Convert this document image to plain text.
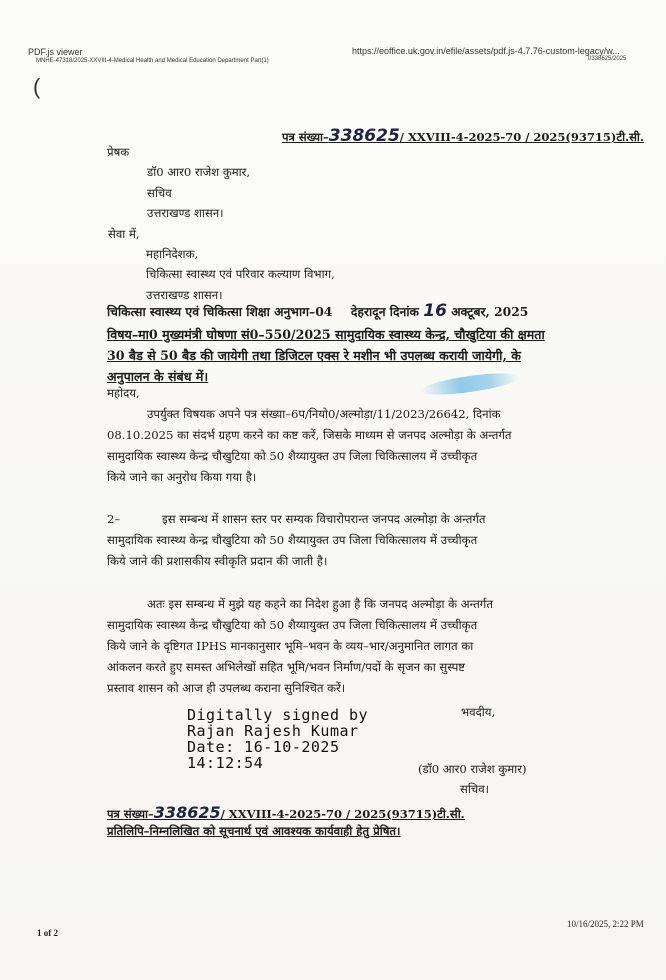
PDF.js viewer
MNHE-47318/2025-XXVIII-4-Medical Health and Medical Education Department Part(1)
https://eoffice.uk.gov.in/efile/assets/pdf.js-4.7.76-custom-legacy/w...
I/338625/2025
(
पत्र संख्या–338625/ XXVIII-4-2025-70 / 2025(93715)टी.सी.
प्रेषक
डॉ0 आर0 राजेश कुमार,
सचिव
उत्तराखण्ड शासन।
सेवा में,
महानिदेशक,
चिकित्सा स्वास्थ्य एवं परिवार कल्याण विभाग,
उत्तराखण्ड शासन।
चिकित्सा स्वास्थ्य एवं चिकित्सा शिक्षा अनुभाग–04 देहरादून दिनांक 16 अक्टूबर, 2025
विषय–मा0 मुख्यमंत्री घोषणा सं0–550/2025 सामुदायिक स्वास्थ्य केन्द्र, चौखुटिया की क्षमता
30 बैड से 50 बैड की जायेगी तथा डिजिटल एक्स रे मशीन भी उपलब्ध करायी जायेगी, के
अनुपालन के संबंध में।
महोदय,
उपर्युक्त विषयक अपने पत्र संख्या–6प/नियो0/अल्मोड़ा/11/2023/26642, दिनांक
08.10.2025 का संदर्भ ग्रहण करने का कष्ट करें, जिसके माध्यम से जनपद अल्मोड़ा के अन्तर्गत
सामुदायिक स्वास्थ्य केन्द्र चौखुटिया को 50 शैय्यायुक्त उप जिला चिकित्सालय में उच्चीकृत
किये जाने का अनुरोध किया गया है।
2–	इस सम्बन्ध में शासन स्तर पर सम्यक विचारोपरान्त जनपद अल्मोड़ा के अन्तर्गत
सामुदायिक स्वास्थ्य केन्द्र चौखुटिया को 50 शैय्यायुक्त उप जिला चिकित्सालय में उच्चीकृत
किये जाने की प्रशासकीय स्वीकृति प्रदान की जाती है।
अतः इस सम्बन्ध में मुझे यह कहने का निदेश हुआ है कि जनपद अल्मोड़ा के अन्तर्गत
सामुदायिक स्वास्थ्य केन्द्र चौखुटिया को 50 शैय्यायुक्त उप जिला चिकित्सालय में उच्चीकृत
किये जाने के दृष्टिगत IPHS मानकानुसार भूमि–भवन के व्यय–भार/अनुमानित लागत का
आंकलन करते हुए समस्त अभिलेखों सहित भूमि/भवन निर्माण/पदों के सृजन का सुस्पष्ट
प्रस्ताव शासन को आज ही उपलब्ध कराना सुनिश्चित करें।
Digitally signed by
Rajan Rajesh Kumar
Date: 16-10-2025
14:12:54
भवदीय,
(डॉ0 आर0 राजेश कुमार)
सचिव।
पत्र संख्या–338625/ XXVIII-4-2025-70 / 2025(93715)टी.सी.
प्रतिलिपि–निम्नलिखित को सूचनार्थ एवं आवश्यक कार्यवाही हेतु प्रेषित।
1 of 2
10/16/2025, 2:22 PM
